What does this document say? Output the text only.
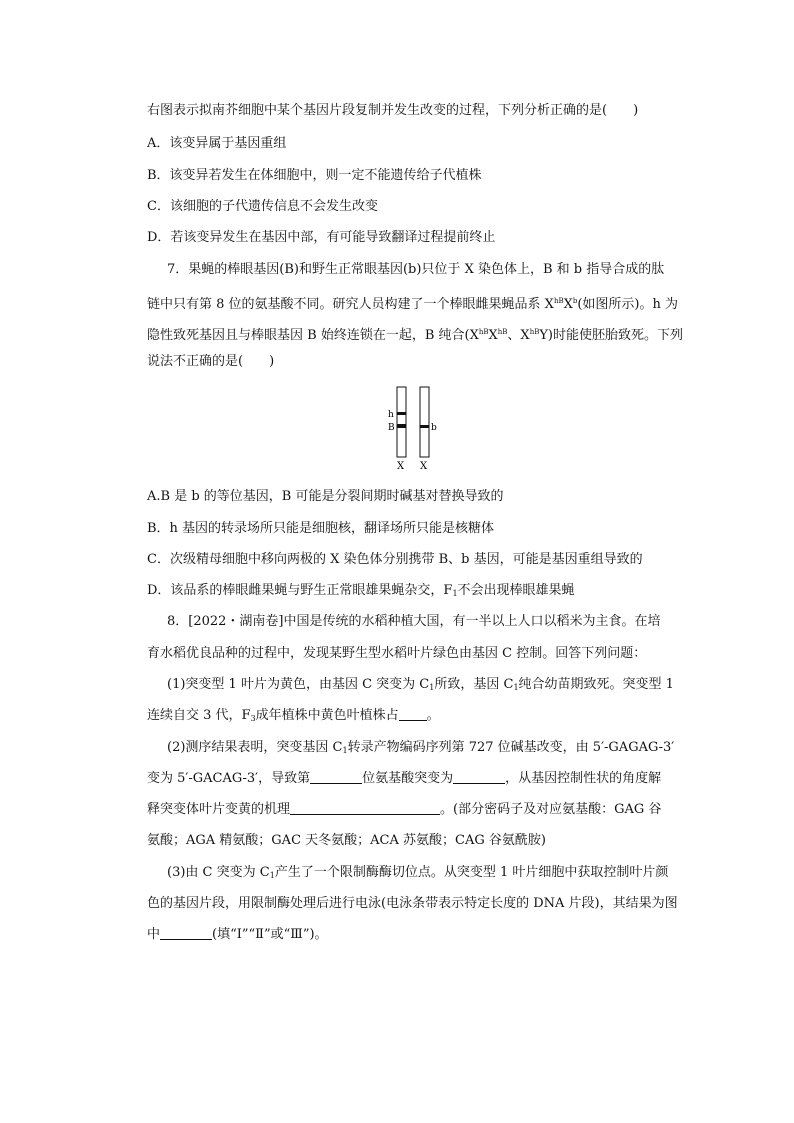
右图表示拟南芥细胞中某个基因片段复制并发生改变的过程，下列分析正确的是( )
A．该变异属于基因重组
B．该变异若发生在体细胞中，则一定不能遗传给子代植株
C．该细胞的子代遗传信息不会发生改变
D．若该变异发生在基因中部，有可能导致翻译过程提前终止
7．果蝇的棒眼基因(B)和野生正常眼基因(b)只位于 X 染色体上，B 和 b 指导合成的肽
链中只有第 8 位的氨基酸不同。研究人员构建了一个棒眼雌果蝇品系 $X^{hB}X^b$(如图所示)。h 为
隐性致死基因且与棒眼基因 B 始终连锁在一起，B 纯合($X^{hB}X^{hB}$、$X^{hB}Y$)时能使胚胎致死。下列
说法不正确的是( )
h
B	b
X X
A.B 是 b 的等位基因，B 可能是分裂间期时碱基对替换导致的
B．h 基因的转录场所只能是细胞核，翻译场所只能是核糖体
C．次级精母细胞中移向两极的 X 染色体分别携带 B、b 基因，可能是基因重组导致的
D．该品系的棒眼雌果蝇与野生正常眼雄果蝇杂交，$F_1$不会出现棒眼雄果蝇
8．[2022・湖南卷]中国是传统的水稻种植大国，有一半以上人口以稻米为主食。在培
育水稻优良品种的过程中，发现某野生型水稻叶片绿色由基因 C 控制。回答下列问题：
(1)突变型 1 叶片为黄色，由基因 C 突变为 $C_1$所致，基因 $C_1$纯合幼苗期致死。突变型 1
连续自交 3 代，$F_3$成年植株中黄色叶植株占 。
(2)测序结果表明，突变基因 $C_1$转录产物编码序列第 727 位碱基改变，由 5′-GAGAG-3′
变为 5′-GACAG-3′，导致第	位氨基酸突变为	，从基因控制性状的角度解
释突变体叶片变黄的机理	。(部分密码子及对应氨基酸：GAG 谷
氨酸；AGA 精氨酸；GAC 天冬氨酸；ACA 苏氨酸；CAG 谷氨酰胺)
(3)由 C 突变为 $C_1$产生了一个限制酶酶切位点。从突变型 1 叶片细胞中获取控制叶片颜
色的基因片段，用限制酶处理后进行电泳(电泳条带表示特定长度的 DNA 片段)，其结果为图
中	(填“Ⅰ”“Ⅱ”或“Ⅲ”)。
